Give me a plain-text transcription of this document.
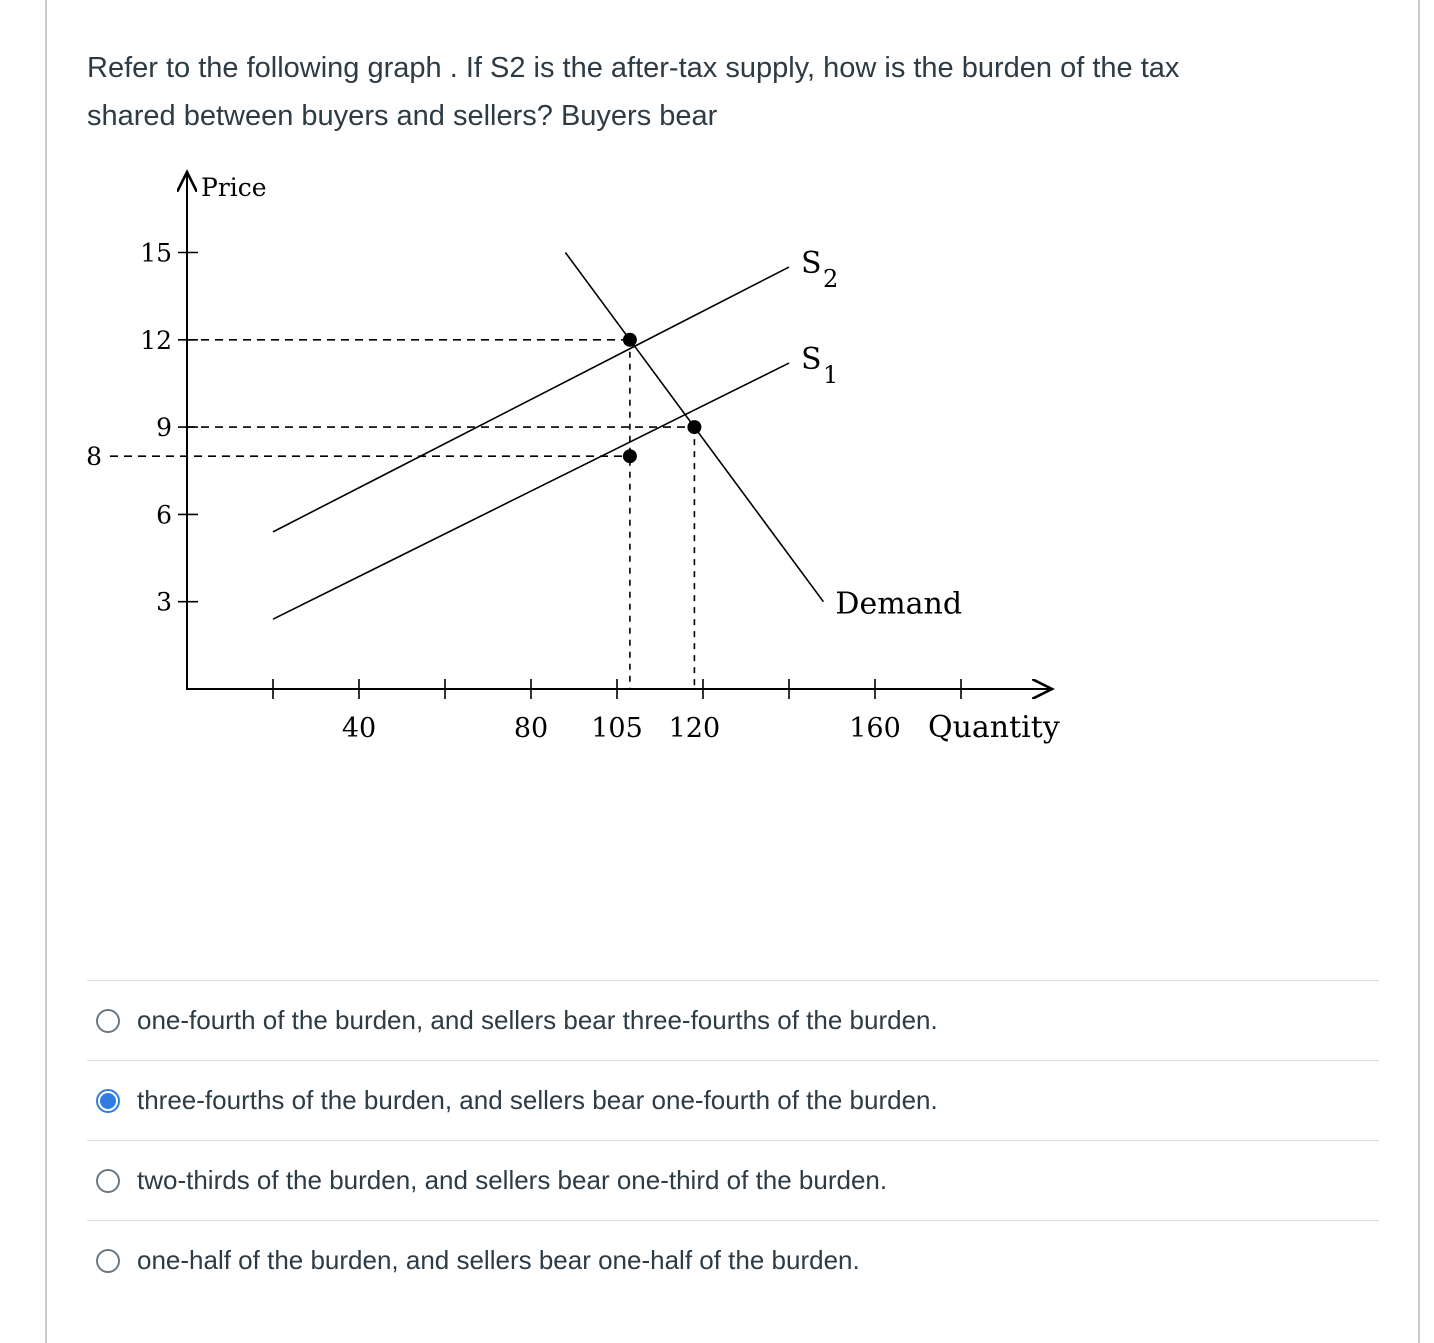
Refer to the following graph . If S2 is the after-tax supply, how is the burden of the tax
shared between buyers and sellers? Buyers bear
Price
Quantity
3
6
9
12
15
8
40	80 105 120	160
Demand
S 1
S 2
one-fourth of the burden, and sellers bear three-fourths of the burden.
three-fourths of the burden, and sellers bear one-fourth of the burden.
two-thirds of the burden, and sellers bear one-third of the burden.
one-half of the burden, and sellers bear one-half of the burden.
